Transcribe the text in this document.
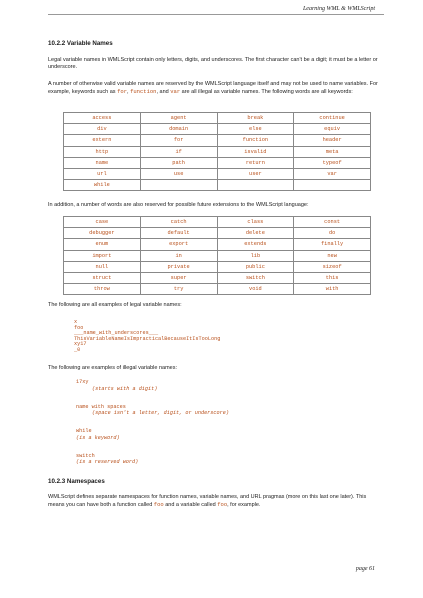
Learning WML & WMLScript
10.2.2 Variable Names
Legal variable names in WMLScript contain only letters, digits, and underscores. The first character can't be a digit; it must be a letter or underscore.
A number of otherwise valid variable names are reserved by the WMLScript language itself and may not be used to name variables. For example, keywords such as for, function, and var are all illegal as variable names. The following words are all keywords:
access	agent	break	continue
div	domain	else	equiv
extern	for	function	header
http	if	isvalid	meta
name	path	return	typeof
url	use	user	var
while			
In addition, a number of words are also reserved for possible future extensions to the WMLScript language:
case	catch	class	const
debugger	default	delete	do
enum	export	extends	finally
import	in	lib	new
null	private	public	sizeof
struct	super	switch	this
throw	try	void	with
The following are all examples of legal variable names:
x
foo
___name_with_underscores___
ThisVariableNameIsImpracticalBecauseItIsTooLong
xy17
_0
The following are examples of illegal variable names:
17xy
(starts with a digit)
name with spaces
(space isn't a letter, digit, or underscore)
while
(is a keyword)
switch
(is a reserved word)
10.2.3 Namespaces
WMLScript defines separate namespaces for function names, variable names, and URL pragmas (more on this last one later). This means you can have both a function called foo and a variable called foo, for example.
page 61
